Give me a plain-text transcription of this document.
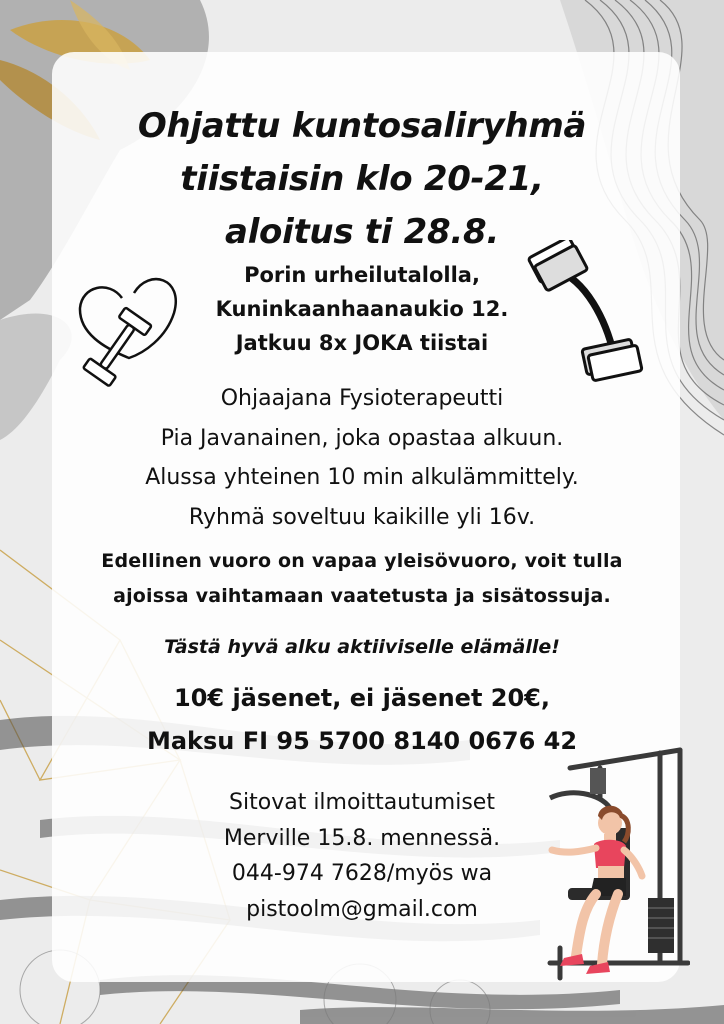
Ohjattu kuntosaliryhmä
tiistaisin klo 20-21,
aloitus ti 28.8.
Porin urheilutalolla,
Kuninkaanhaanaukio 12.
Jatkuu 8x JOKA tiistai
Ohjaajana Fysioterapeutti
Pia Javanainen, joka opastaa alkuun.
Alussa yhteinen 10 min alkulämmittely.
Ryhmä soveltuu kaikille yli 16v.
Edellinen vuoro on vapaa yleisövuoro, voit tulla
ajoissa vaihtamaan vaatetusta ja sisätossuja.
Tästä hyvä alku aktiiviselle elämälle!
10€ jäsenet, ei jäsenet 20€,
Maksu FI 95 5700 8140 0676 42
Sitovat ilmoittautumiset
Merville 15.8. mennessä.
044-974 7628/myös wa
pistoolm@gmail.com
